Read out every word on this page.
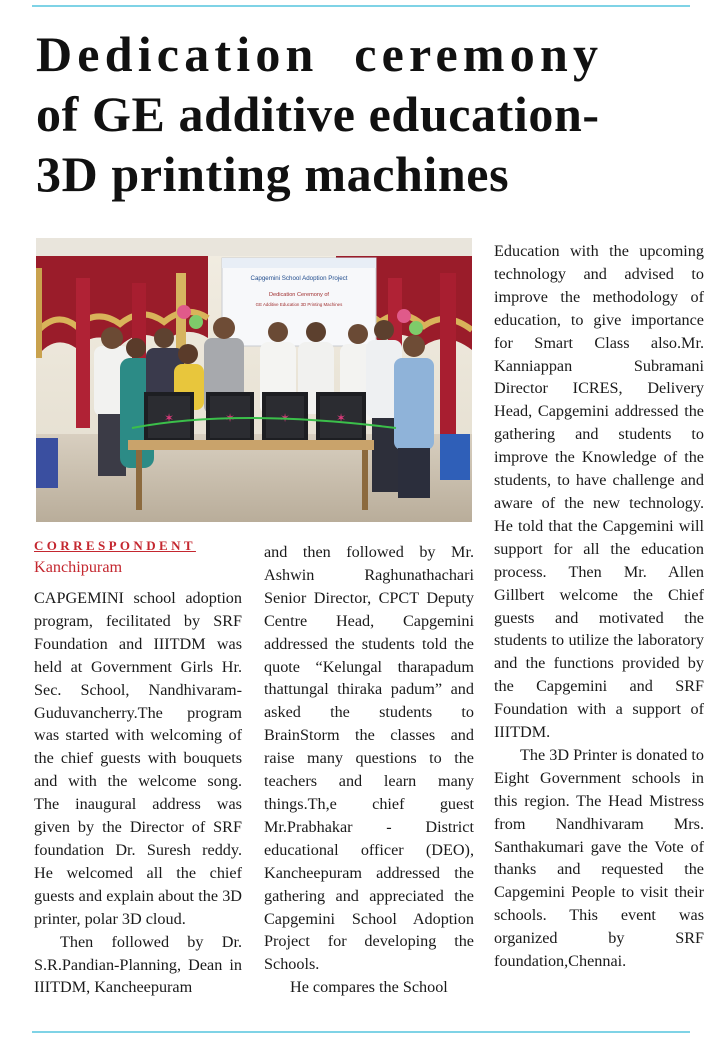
Dedication ceremony
of GE additive education-
3D printing machines
Capgemini School Adoption Project
Dedication Ceremony of
GE Additive Education 3D Printing Machines
✶	✶	✶	✶
CORRESPONDENT
Kanchipuram

CAPGEMINI school adoption program, fecilitated by SRF Foundation and IIITDM was held at Government Girls Hr. Sec. School, Nandhivaram-Guduvancherry.The program was started with welcoming of the chief guests with bouquets and with the welcome song. The inaugural address was given by the Director of SRF foundation Dr. Suresh reddy. He welcomed all the chief guests and explain about the 3D printer, polar 3D cloud.

Then followed by Dr. S.R.Pandian-Planning, Dean in IIITDM, Kancheepuram

and then followed by Mr. Ashwin Raghunathachari Senior Director, CPCT Deputy Centre Head, Capgemini addressed the students told the quote “Kelungal tharapadum thattungal thiraka padum” and asked the students to BrainStorm the classes and raise many questions to the teachers and learn many things.Th,e chief guest Mr.Prabhakar - District educational officer (DEO), Kancheepuram addressed the gathering and appreciated the Capgemini School Adoption Project for developing the Schools.

He compares the School

Education with the upcoming technology and advised to improve the methodology of education, to give importance for Smart Class also.Mr. Kanniappan Subramani Director ICRES, Delivery Head, Capgemini addressed the gathering and students to improve the Knowledge of the students, to have challenge and aware of the new technology. He told that the Capgemini will support for all the education process. Then Mr. Allen Gillbert welcome the Chief guests and motivated the students to utilize the laboratory and the functions provided by the Capgemini and SRF Foundation with a support of IIITDM.

The 3D Printer is donated to Eight Government schools in this region. The Head Mistress from Nandhivaram Mrs. Santhakumari gave the Vote of thanks and requested the Capgemini People to visit their schools. This event was organized by SRF foundation,Chennai.
